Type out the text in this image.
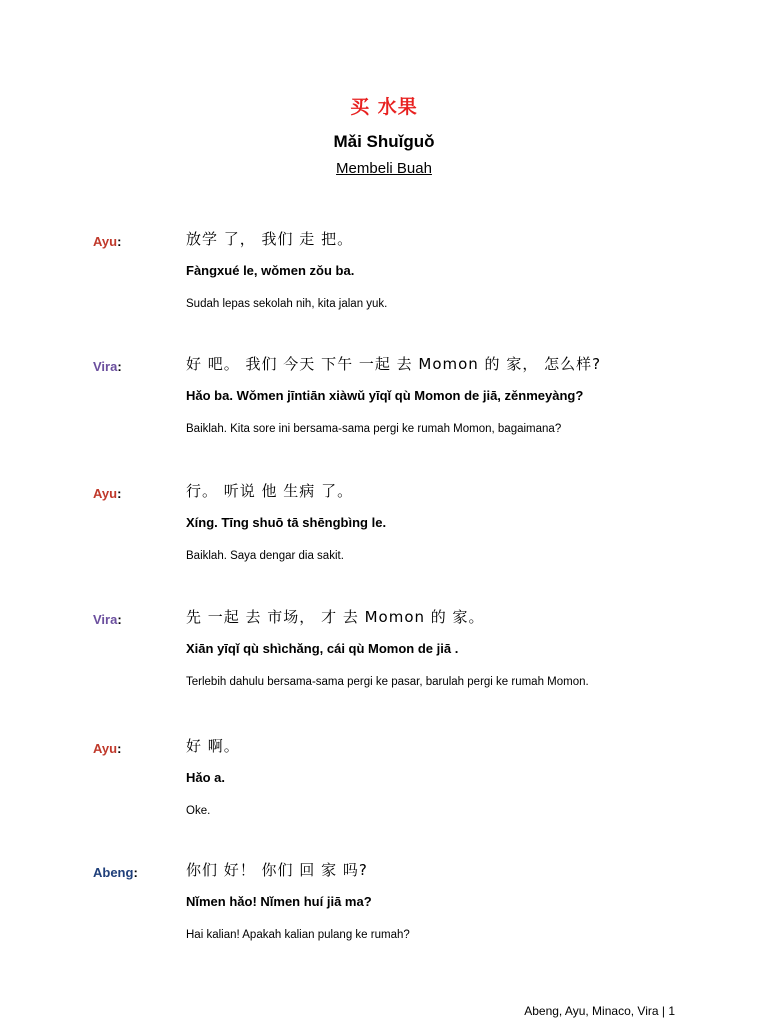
买 水果
Mǎi Shuǐguǒ
Membeli Buah
Ayu:	放学 了， 我们 走 把。
Fàngxué le, wǒmen zǒu ba.
Sudah lepas sekolah nih, kita jalan yuk.
Vira:	好 吧。 我们 今天 下午 一起 去 Momon 的 家， 怎么样?
Hǎo ba. Wǒmen jīntiān xiàwǔ yīqǐ qù Momon de jiā, zěnmeyàng?
Baiklah. Kita sore ini bersama-sama pergi ke rumah Momon, bagaimana?
Ayu:	行。 听说 他 生病 了。
Xíng. Tīng shuō tā shēngbìng le.
Baiklah. Saya dengar dia sakit.
Vira:	先 一起 去 市场， 才 去 Momon 的 家。
Xiān yīqǐ qù shìchǎng, cái qù Momon de jiā .
Terlebih dahulu bersama-sama pergi ke pasar, barulah pergi ke rumah Momon.
Ayu:	好 啊。
Hǎo a.
Oke.
Abeng:	你们 好！ 你们 回 家 吗?
Nǐmen hǎo! Nǐmen huí jiā ma?
Hai kalian! Apakah kalian pulang ke rumah?
Abeng, Ayu, Minaco, Vira | 1
